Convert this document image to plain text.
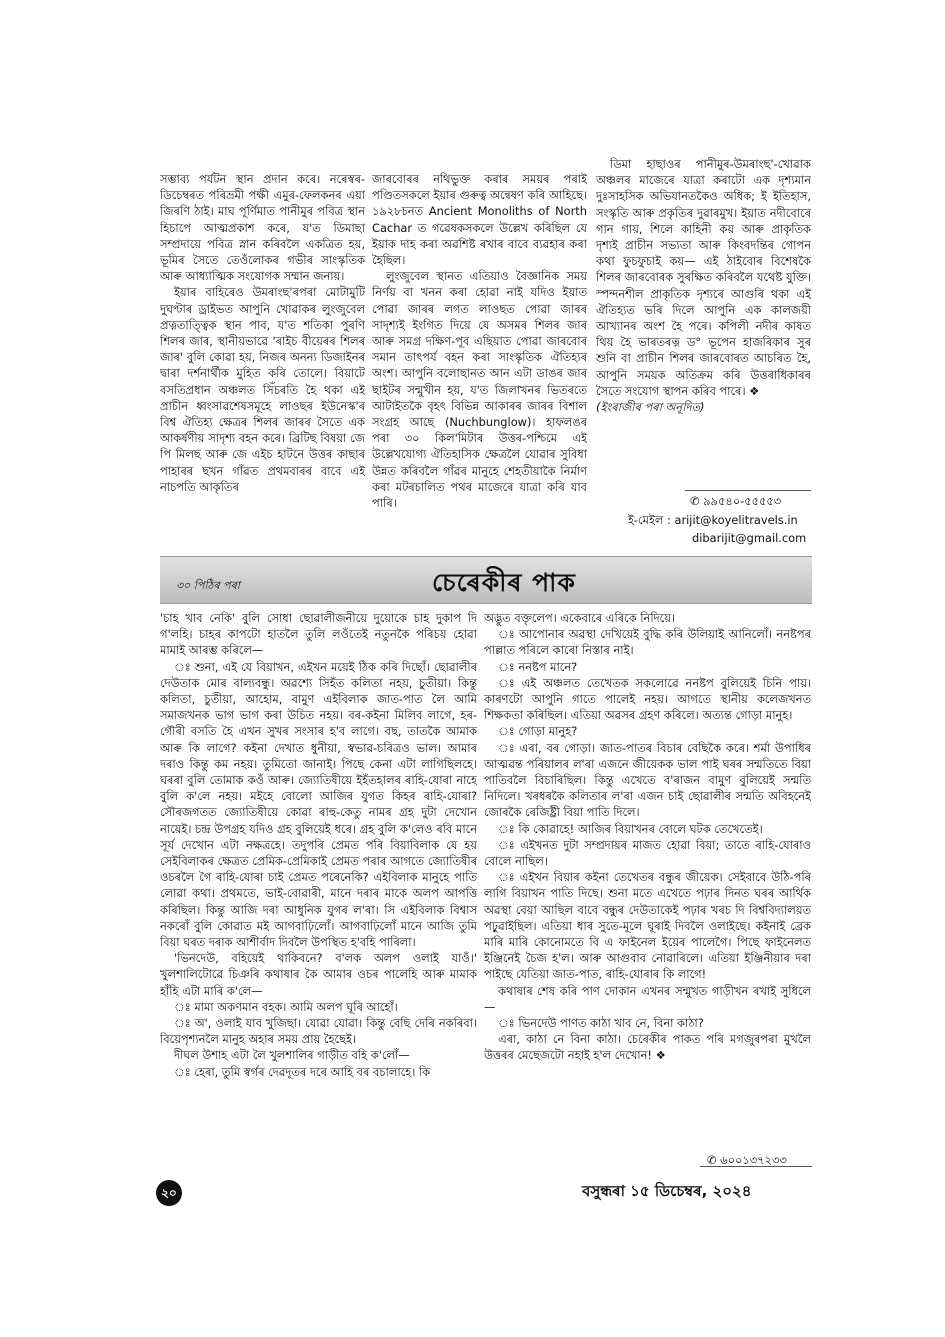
সম্ভাব্য পৰ্যটন স্থান প্ৰদান কৰে। নৰেস্বৰ-ডিচেম্বৰত পৰিভ্ৰমী পক্ষী এমুৰ-ফেলকনৰ এয়া জিৰণি ঠাই। মাঘ পূৰ্ণিমাত পানীমুৰ পবিত্ৰ স্থান হিচাপে আত্মপ্ৰকাশ কৰে, য'ত ডিমাছা সম্প্ৰদায়ে পবিত্ৰ স্নান কৰিবলৈ একত্ৰিত হয়, ভূমিৰ সৈতে তেওঁলোকৰ গভীৰ সাংস্কৃতিক আৰু আধ্যাত্মিক সংযোগক সম্মান জনায়।

ইয়াৰ বাহিৰেও উমৰাংছ'ৰপৰা মোটামুটি দুঘণ্টাৰ ড্ৰাইভত আপুনি খোৱাকৰ লুংজুবেল প্ৰত্নতাত্ত্বিক স্থান পাব, য'ত শতিকা পুৰণি শিলৰ জাৰ, স্থানীয়ভাৱে 'ৰাইচ বীয়েৰৰ শিলৰ জাৰ' বুলি কোৱা হয়, নিজৰ অনন্য ডিজাইনৰ দ্বাৰা দৰ্শনাৰ্থীক মুহিত কৰি তোলে। বিয়াটে বসতিপ্ৰধান অঞ্চলত সিঁচৰতি হৈ থকা এই প্ৰাচীন ধ্বংসাৱশেষসমূহে লাওছৰ ইউনেস্ক'ৰ বিশ্ব ঐতিহ্য ক্ষেত্ৰৰ শিলৰ জাৰৰ সৈতে এক আকৰ্ষণীয় সাদৃশ্য বহন কৰে। ব্ৰিটিছ বিষয়া জে পি মিলছ আৰু জে এইচ হাটনে উত্তৰ কাছাৰ পাহাৰৰ ছখন গাঁৱত প্ৰথমবাৰৰ বাবে এই নাচপতি আকৃতিৰ

জাৰবোৰৰ নথিভুক্ত কৰাৰ সময়ৰ পৰাই পণ্ডিতসকলে ইয়াৰ গুৰুত্ব অন্বেষণ কৰি আহিছে। ১৯২৮চনত Ancient Monoliths of North Cachar ত গৱেষকসকলে উল্লেখ কৰিছিল যে ইয়াক দাহ কৰা অৱশিষ্ট ৰখাৰ বাবে ব্যৱহাৰ কৰা হৈছিল।

লুংজুবেল স্থানত এতিয়াও বৈজ্ঞানিক সময় নিৰ্ণয় বা খনন কৰা হোৱা নাই যদিও ইয়াত পোৱা জাৰৰ লগত লাওছত পোৱা জাৰৰ সাদৃশ্যই ইংগিত দিয়ে যে অসমৰ শিলৰ জাৰ আৰু সমগ্ৰ দক্ষিণ-পূব এছিয়াত পোৱা জাৰবোৰ সমান তাৎপৰ্য বহন কৰা সাংস্কৃতিক ঐতিহ্যৰ অংশ। আপুনি বলোছানত আন এটা ডাঙৰ জাৰ ছাইটৰ সন্মুখীন হয়, য'ত জিলাখনৰ ভিতৰতে আটাইতকৈ বৃহৎ বিভিন্ন আকাৰৰ জাৰৰ বিশাল সংগ্ৰহ আছে (Nuchbunglow)। হাফলঙৰ পৰা ৩০ কিল'মিটাৰ উত্তৰ-পশ্চিমে এই উল্লেখযোগ্য ঐতিহাসিক ক্ষেত্ৰলৈ যোৱাৰ সুবিধা উন্নত কৰিবলৈ গাঁৱৰ মানুহে শেহতীয়াকৈ নিৰ্মাণ কৰা মটৰচালিত পথৰ মাজেৰে যাত্ৰা কৰি যাব পাৰি।

ডিমা হাছাওৰ পানীমুৰ-উমৰাংছ'-খোৱাক অঞ্চলৰ মাজেৰে যাত্ৰা কৰাটো এক দৃশ্যমান দুঃসাহসিক অভিযানতকৈও অধিক; ই ইতিহাস, সংস্কৃতি আৰু প্ৰকৃতিৰ দুৱাৰমুখ। ইয়াত নদীবোৰে গান গায়, শিলে কাহিনী কয় আৰু প্ৰাকৃতিক দৃশ্যই প্ৰাচীন সভ্যতা আৰু কিংবদন্তিৰ গোপন কথা ফুচফুচাই কয়— এই ঠাইবোৰ বিশেষকৈ শিলৰ জাৰবোৰক সুৰক্ষিত কৰিবলৈ যথেষ্ট যুক্তি। স্পন্দনশীল প্ৰাকৃতিক দৃশ্যৰে আগুৰি থকা এই ঐতিহ্যত ভৰি দিলে আপুনি এক কালজয়ী আখ্যানৰ অংশ হৈ পৰে। কপিলী নদীৰ কাষত থিয় হৈ ভাৰতৰত্ন ড° ভূপেন হাজৰিকাৰ সুৰ শুনি বা প্ৰাচীন শিলৰ জাৰবোৰত আচৰিত হৈ, আপুনি সময়ক অতিক্ৰম কৰি উত্তৰাধিকাৰৰ সৈতে সংযোগ স্থাপন কৰিব পাৰে। ❖

(ইংৰাজীৰ পৰা অনূদিত)

✆ ৯৯৫৪০-৫৫৫৫৩
ই-মেইল : arijit@koyelitravels.in
dibarijit@gmail.com
৩০ পিঠিৰ পৰা	চেৰেকীৰ পাক

'চাহ খাব নেকি' বুলি সোধা ছোৱালীজনীয়ে দুয়োকে চাহ দুকাপ দি গ'লহি। চাহৰ কাপটো হাতলৈ তুলি লওঁতেই নতুনকৈ পৰিচয় হোৱা মামাই আৰম্ভ কৰিলে—

ঃ শুনা, এই যে বিয়াখন, এইখন ময়েই ঠিক কৰি দিছোঁ। ছোৱালীৰ দেউতাক মোৰ বাল্যবন্ধু। অৱশ্যে সিহঁত কলিতা নহয়, চুতীয়া। কিন্তু কলিতা, চুতীয়া, আহোম, বামুণ এইবিলাক জাত-পাত লৈ আমি সমাজখনক ভাগ ভাগ কৰা উচিত নহয়। বৰ-কইনা মিলিব লাগে, হৰ-গৌৰী বসতি হৈ এখন সুখৰ সংসাৰ হ'ব লাগে। বছ, তাতকৈ আমাক আৰু কি লাগে? কইনা দেখাত ধুনীয়া, স্বভাৱ-চৰিত্ৰও ভাল। আমাৰ দৰাও কিন্তু কম নহয়। তুমিতো জানাই। পিছে কেনা এটা লাগিছিলহে। ঘৰৰা বুলি তোমাক কওঁ আৰু। জ্যোতিষীয়ে ইহঁতহালৰ ৰাহি-যোৰা নাহে বুলি ক'লে নহয়। মইহে বোলো আজিৰ যুগত কিহৰ ৰাহি-যোৰা? সৌৰজগতত জ্যোতিষীয়ে কোৱা ৰাহু-কেতু নামৰ গ্ৰহ দুটা দেখোন নায়েই। চন্দ্ৰ উপগ্ৰহ যদিও গ্ৰহ বুলিয়েই ধৰে। গ্ৰহ বুলি ক'লেও ৰবি মানে সূৰ্য দেখোন এটা নক্ষত্ৰহে। তদুপৰি প্ৰেমত পৰি বিয়াবিলাক যে হয় সেইবিলাকৰ ক্ষেত্ৰত প্ৰেমিক-প্ৰেমিকাই প্ৰেমত পৰাৰ আগতে জ্যোতিষীৰ ওচৰলৈ গৈ ৰাহি-যোৰা চাই প্ৰেমত পৰেনেকি? এইবিলাক মানুহে পাতি লোৱা কথা। প্ৰথমতে, ভাই-বোৱাৰী, মানে দৰাৰ মাকে অলপ আপত্তি কৰিছিল। কিন্তু আজি দৰা আধুনিক যুগৰ ল'ৰা। সি এইবিলাক বিশ্বাস নকৰোঁ বুলি কোৱাত মই আগবাঢ়িলোঁ। আগবাঢ়িলোঁ মানে আজি তুমি বিয়া ঘৰত দৰাক আশীৰ্বাদ দিবলৈ উপস্থিত হ'বহি পাৰিলা।

'ভিনদেউ, বহিয়েই থাকিবনে? ব'লক অলপ ওলাই যাওঁ।' খুলশালিটোৱে চিঞৰি কথাষাৰ কৈ আমাৰ ওচৰ পালেহি আৰু মামাক হাঁহি এটা মাৰি ক'লে—

ঃ মামা অকণমান বহক। আমি অলপ ঘূৰি আহোঁ।

ঃ অ', ওলাই যাব খুজিছা। যোৱা যোৱা। কিন্তু বেছি দেৰি নকৰিবা। বিয়েপৃশ্যনলৈ মানুহ অহাৰ সময় প্ৰায় হৈছেই।

দীঘল উশাহ এটা লৈ খুলশালিৰ গাড়ীত বহি ক'লোঁ—

ঃ হেৰা, তুমি স্বৰ্গৰ দেৱদূতৰ দৰে আহি বৰ বচালাহে। কি

অদ্ভুত বক্তৃলেপ। একেবাৰে এৰিকে নিদিয়ে।

ঃ আপোনাৰ অৱস্থা দেখিয়েই বুদ্ধি কৰি উলিয়াই আনিলোঁ। ননষ্টপৰ পাল্লাত পৰিলে কাৰো নিস্তাৰ নাই।

ঃ ননষ্টপ মানে?

ঃ এই অঞ্চলত তেখেতক সকলোৱে ননষ্টপ বুলিয়েই চিনি পায়। কাৰণটো আপুনি গাতে পালেই নহয়। আগতে স্থানীয় কলেজখনত শিক্ষকতা কৰিছিল। এতিয়া অৱসৰ গ্ৰহণ কৰিলে। অত্যন্ত গোড়া মানুহ।

ঃ গোড়া মানুহ?

ঃ এৰা, বৰ গোড়া। জাত-পাতৰ বিচাৰ বেছিকৈ কৰে। শৰ্মা উপাধিৰ আত্মৱন্ত পৰিয়ালৰ ল'ৰা এজনে জীয়েকক ভাল পাই ঘৰৰ সন্মতিতে বিয়া পাতিবলৈ বিচাৰিছিল। কিন্তু এখেতে ব'ৰাজন বামুণ বুলিয়েই সন্মতি নিদিলে। খৰধৰকৈ কলিতাৰ ল'ৰা এজন চাই ছোৱালীৰ সন্মতি অবিহনেই জোৰকৈ ৰেজিষ্ট্ৰী বিয়া পাতি দিলে।

ঃ কি কোৱাহে! আজিৰ বিয়াখনৰ বোলে ঘটক তেখেতেই।

ঃ এইখনত দুটা সম্প্ৰদায়ৰ মাজত হোৱা বিয়া; তাতে ৰাহি-যোৰাও বোলে নাছিল।

ঃ এইখন বিয়াৰ কইনা তেখেতৰ বন্ধুৰ জীয়েক। সেইবাবে উঠি-পৰি লাগি বিয়াখন পাতি দিছে। শুনা মতে এখেতে পঢ়াৰ দিনত ঘৰৰ আৰ্থিক অৱস্থা বেয়া আছিল বাবে বন্ধুৰ দেউতাকেই পঢ়াৰ খৰচ দি বিশ্ববিদ্যালয়ত পঢ়ুৱাইছিল। এতিয়া ধাৰ সুতে-মূলে ঘূৰাই দিবলৈ ওলাইছে। কইনাই ব্ৰেক মাৰি মাৰি কোনোমতে বি এ ফাইনেল ইয়েৰ পালেগৈ। পিছে ফাইনেলত ইঞ্জিনেই চৈজ হ'ল। আৰু আগুবাব নোৱাৰিলে। এতিয়া ইঞ্জিনীয়াৰ দৰা পাইছে যেতিয়া জাত-পাত, ৰাহি-যোৰাৰ কি লাগে!

কথাষাৰ শেষ কৰি পাণ দোকান এখনৰ সন্মুখত গাড়ীখন ৰখাই সুধিলে—

ঃ ভিনদেউ পাণত কাঠা খাব নে, বিনা কাঠা?

এৰা, কাঠা নে বিনা কাঠা। চেৰেকীৰ পাকত পৰি মগজুৰপৰা মুখলৈ উত্তৰৰ মেছেজটো নহাই হ'ল দেখোন! ❖

✆ ৬০০১৩৭২৩৩
২০	বসুন্ধৰা ১৫ ডিচেম্বৰ, ২০২৪
